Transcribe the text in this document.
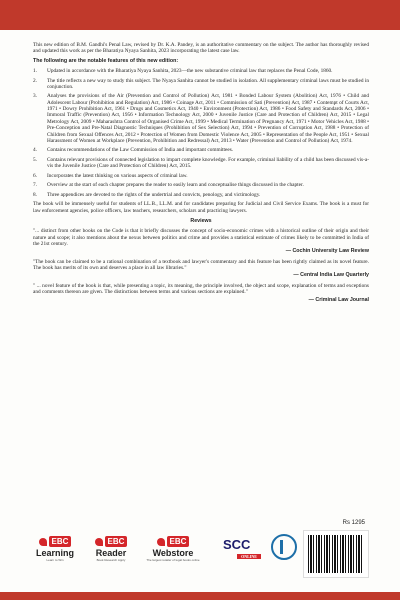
This new edition of B.M. Gandhi's Penal Law, revised by Dr. K.A. Pandey, is an authoritative commentary on the subject. The author has thoroughly revised and updated this work as per the Bharatiya Nyaya Sanhita, 2023 incorporating the latest case law.

The following are the notable features of this new edition:

1.	Updated in accordance with the Bharatiya Nyaya Sanhita, 2023—the new substantive criminal law that replaces the Penal Code, 1860.
2.	The title reflects a new way to study this subject. The Nyaya Sanhita cannot be studied in isolation. All supplementary criminal laws must be studied in conjunction.
3.	Analyses the provisions of the Air (Prevention and Control of Pollution) Act, 1981 • Bonded Labour System (Abolition) Act, 1976 • Child and Adolescent Labour (Prohibition and Regulation) Act, 1986 • Coinage Act, 2011 • Commission of Sati (Prevention) Act, 1987 • Contempt of Courts Act, 1971 • Dowry Prohibition Act, 1961 • Drugs and Cosmetics Act, 1940 • Environment (Protection) Act, 1986 • Food Safety and Standards Act, 2006 • Immoral Traffic (Prevention) Act, 1956 • Information Technology Act, 2000 • Juvenile Justice (Care and Protection of Children) Act, 2015 • Legal Metrology Act, 2009 • Maharashtra Control of Organised Crime Act, 1999 • Medical Termination of Pregnancy Act, 1971 • Motor Vehicles Act, 1988 • Pre-Conception and Pre-Natal Diagnostic Techniques (Prohibition of Sex Selection) Act, 1994 • Prevention of Corruption Act, 1988 • Protection of Children from Sexual Offences Act, 2012 • Protection of Women from Domestic Violence Act, 2005 • Representation of the People Act, 1951 • Sexual Harassment of Women at Workplace (Prevention, Prohibition and Redressal) Act, 2013 • Water (Prevention and Control of Pollution) Act, 1974.
4.	Contains recommendations of the Law Commission of India and important committees.
5.	Contains relevant provisions of connected legislation to impart complete knowledge. For example, criminal liability of a child has been discussed vis-a-vis the Juvenile Justice (Care and Protection of Children) Act, 2015.
6.	Incorporates the latest thinking on various aspects of criminal law.
7.	Overview at the start of each chapter prepares the reader to easily learn and conceptualise things discussed in the chapter.
8.	Three appendices are devoted to the rights of the undertrial and convicts, penology, and victimology.

The book will be immensely useful for students of LL.B., LL.M. and for candidates preparing for Judicial and Civil Service Exams. The book is a must for law enforcement agencies, police officers, law teachers, researchers, scholars and practicing lawyers.

Reviews

"... distinct from other books on the Code is that it briefly discusses the concept of socio-economic crimes with a historical outline of their origin and their nature and scope; it also mentions about the nexus between politics and crime and provides a statistical estimate of crimes likely to be committed in India of the 21st century.

— Cochin University Law Review

"The book can be claimed to be a rational combination of a textbook and lawyer's commentary and this feature has been rightly claimed as its novel feature. The book has merits of its own and deserves a place in all law libraries."

— Central India Law Quarterly

" ... novel feature of the book is that, while presenting a topic, its meaning, the principle involved, the object and scope, explanation of terms and exceptions and comments thereon are given. The distinctions between terms and various sections are explained."

— Criminal Law Journal

Rs 1295
EBC
Learning
Learn to Win
EBC
Reader
Book Research Apply
EBC
Webstore
The largest retailer of legal books online
SCC
ONLINE
